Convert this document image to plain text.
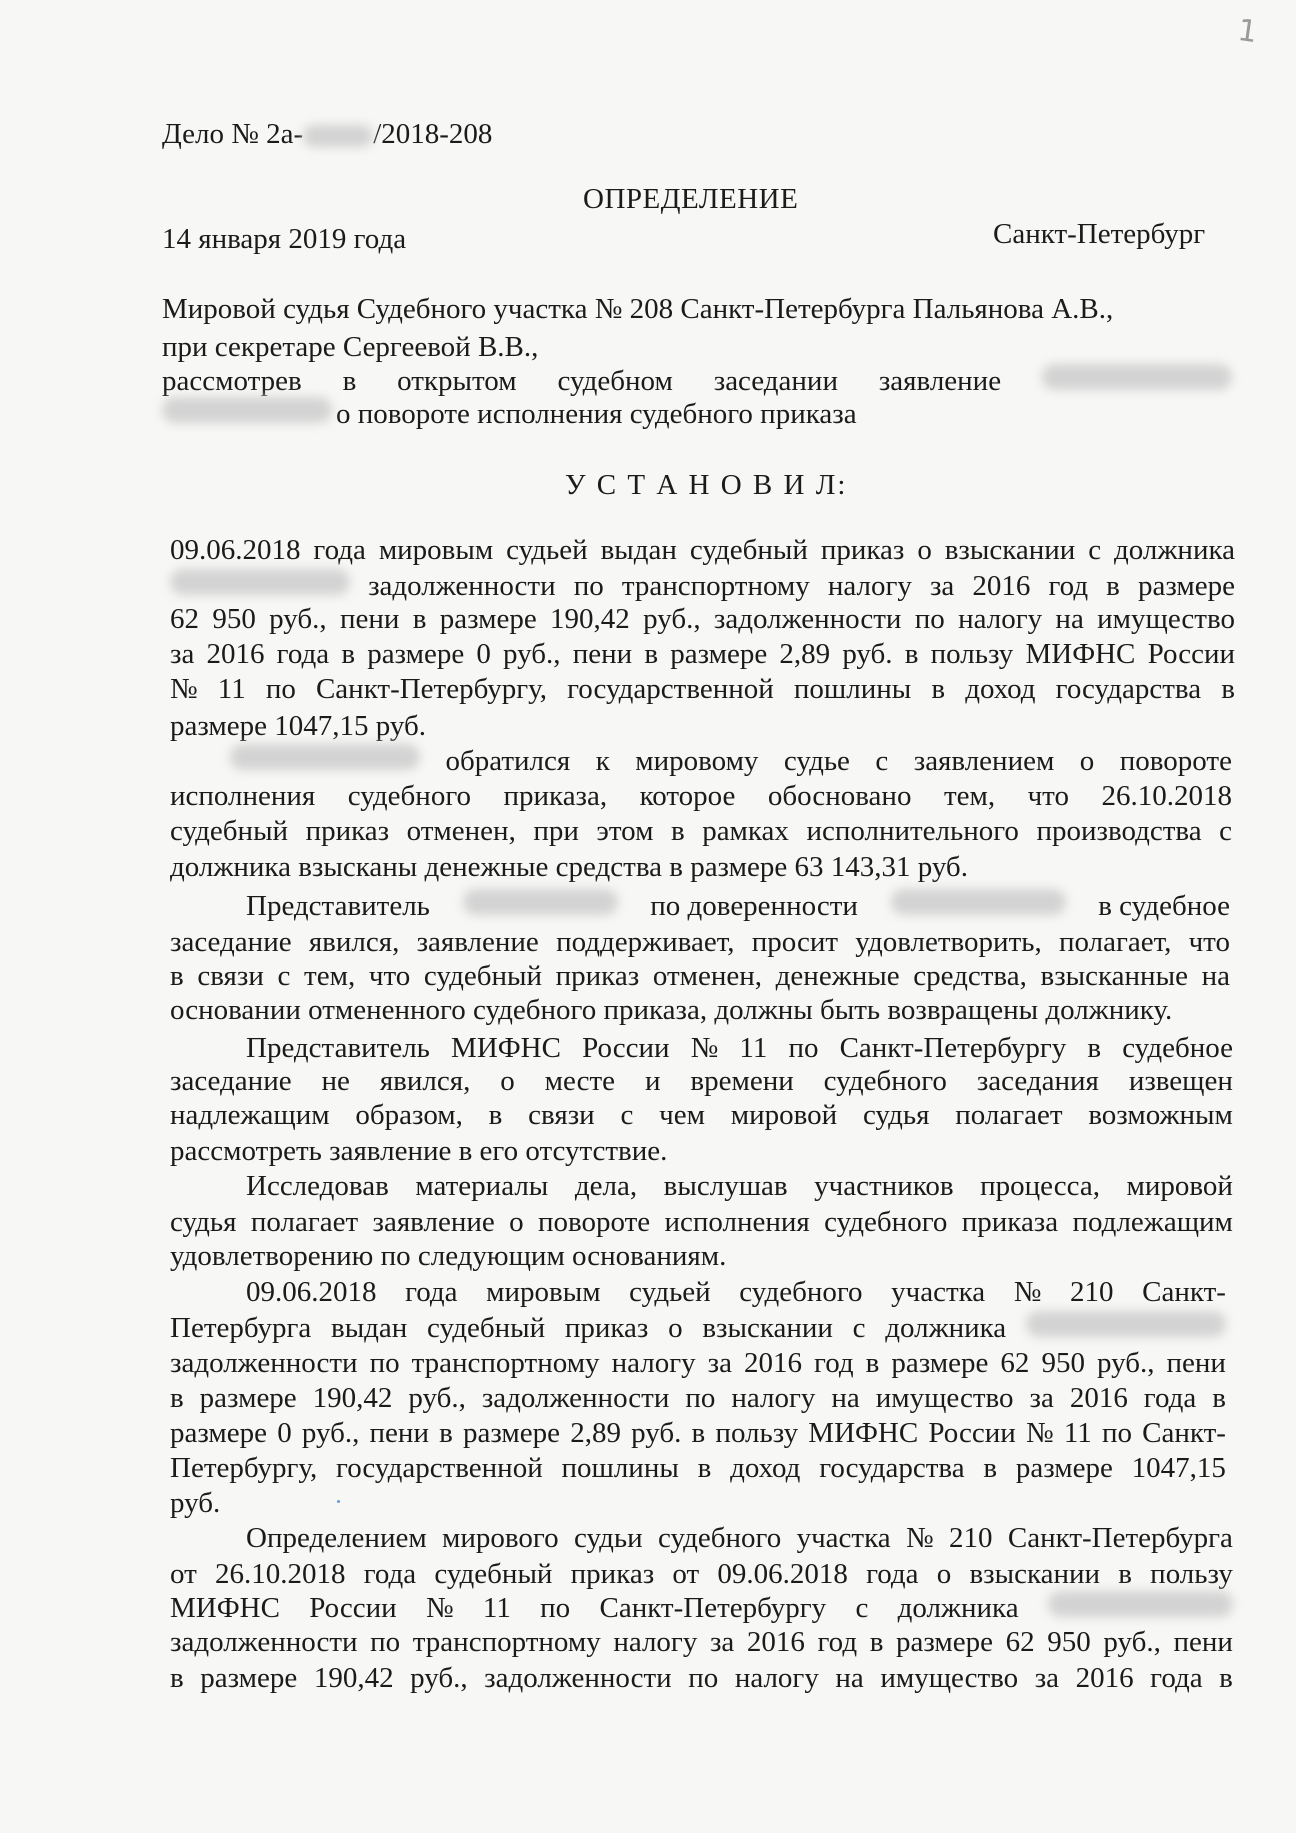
1
Дело № 2а- /2018-208
ОПРЕДЕЛЕНИЕ
14 января 2019 года	Санкт-Петербург
Мировой судья Судебного участка № 208 Санкт-Петербурга Пальянова А.В.,
при секретаре Сергеевой В.В.,
рассмотрев в открытом судебном заседании заявление
о повороте исполнения судебного приказа
У С Т А Н О В И Л:
09.06.2018 года мировым судьей выдан судебный приказ о взыскании с должника
задолженности по транспортному налогу за 2016 год в размере
62 950 руб., пени в размере 190,42 руб., задолженности по налогу на имущество
за 2016 года в размере 0 руб., пени в размере 2,89 руб. в пользу МИФНС России
№ 11 по Санкт-Петербургу, государственной пошлины в доход государства в
размере 1047,15 руб.
обратился к мировому судье с заявлением о повороте
исполнения судебного приказа, которое обосновано тем, что 26.10.2018
судебный приказ отменен, при этом в рамках исполнительного производства с
должника взысканы денежные средства в размере 63 143,31 руб.
Представитель	по доверенности	в судебное
заседание явился, заявление поддерживает, просит удовлетворить, полагает, что
в связи с тем, что судебный приказ отменен, денежные средства, взысканные на
основании отмененного судебного приказа, должны быть возвращены должнику.
Представитель МИФНС России № 11 по Санкт-Петербургу в судебное
заседание не явился, о месте и времени судебного заседания извещен
надлежащим образом, в связи с чем мировой судья полагает возможным
рассмотреть заявление в его отсутствие.
Исследовав материалы дела, выслушав участников процесса, мировой
судья полагает заявление о повороте исполнения судебного приказа подлежащим
удовлетворению по следующим основаниям.
09.06.2018 года мировым судьей судебного участка № 210 Санкт-
Петербурга выдан судебный приказ о взыскании с должника
задолженности по транспортному налогу за 2016 год в размере 62 950 руб., пени
в размере 190,42 руб., задолженности по налогу на имущество за 2016 года в
размере 0 руб., пени в размере 2,89 руб. в пользу МИФНС России № 11 по Санкт-
Петербургу, государственной пошлины в доход государства в размере 1047,15
руб.
Определением мирового судьи судебного участка № 210 Санкт-Петербурга
от 26.10.2018 года судебный приказ от 09.06.2018 года о взыскании в пользу
МИФНС России № 11 по Санкт-Петербургу с должника
задолженности по транспортному налогу за 2016 год в размере 62 950 руб., пени
в размере 190,42 руб., задолженности по налогу на имущество за 2016 года в
